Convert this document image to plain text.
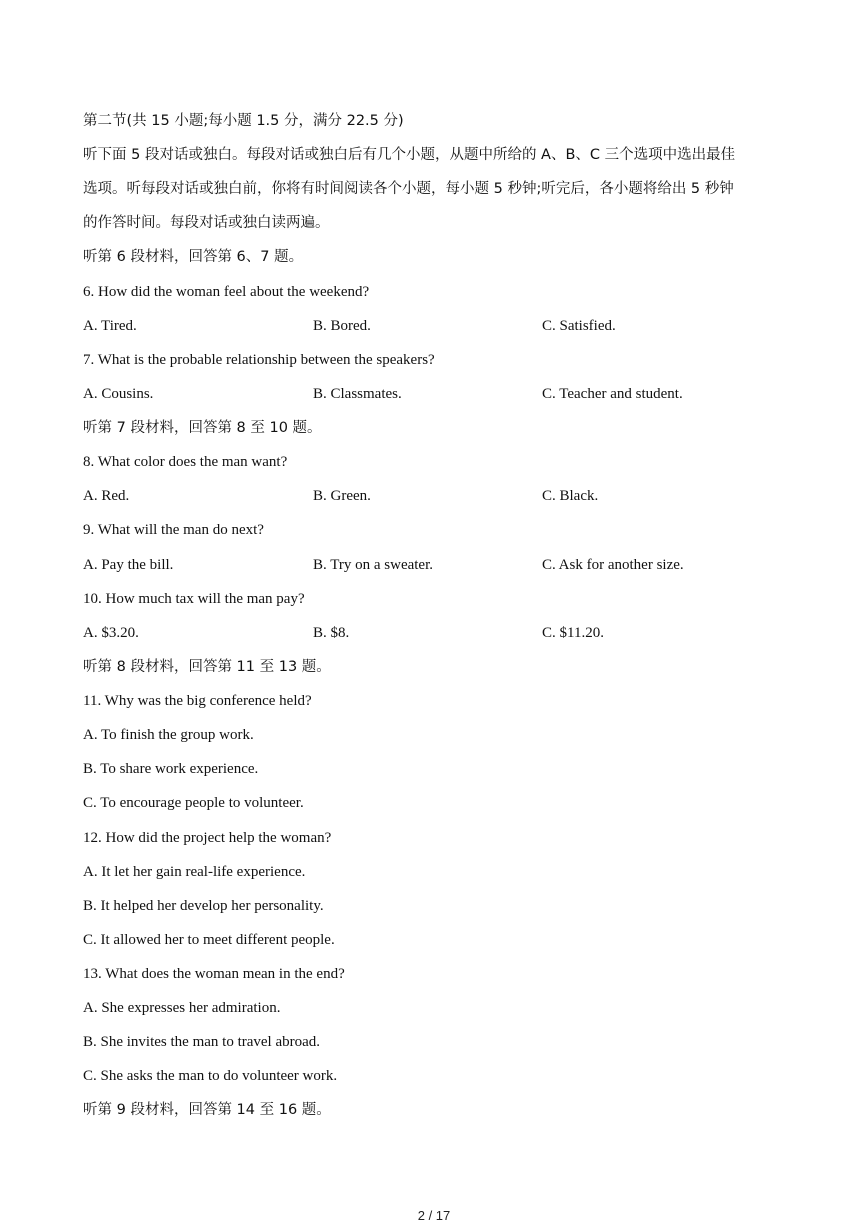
第二节(共 15 小题;每小题 1.5 分，满分 22.5 分)
听下面 5 段对话或独白。每段对话或独白后有几个小题，从题中所给的 A、B、C 三个选项中选出最佳
选项。听每段对话或独白前，你将有时间阅读各个小题，每小题 5 秒钟;听完后，各小题将给出 5 秒钟
的作答时间。每段对话或独白读两遍。
听第 6 段材料，回答第 6、7 题。
6. How did the woman feel about the weekend?
A. Tired.	B. Bored.	C. Satisfied.
7. What is the probable relationship between the speakers?
A. Cousins.	B. Classmates.	C. Teacher and student.
听第 7 段材料，回答第 8 至 10 题。
8. What color does the man want?
A. Red.	B. Green.	C. Black.
9. What will the man do next?
A. Pay the bill.	B. Try on a sweater.	C. Ask for another size.
10. How much tax will the man pay?
A. $3.20.	B. $8.	C. $11.20.
听第 8 段材料，回答第 11 至 13 题。
11. Why was the big conference held?
A. To finish the group work.
B. To share work experience.
C. To encourage people to volunteer.
12. How did the project help the woman?
A. It let her gain real-life experience.
B. It helped her develop her personality.
C. It allowed her to meet different people.
13. What does the woman mean in the end?
A. She expresses her admiration.
B. She invites the man to travel abroad.
C. She asks the man to do volunteer work.
听第 9 段材料，回答第 14 至 16 题。
2 / 17
